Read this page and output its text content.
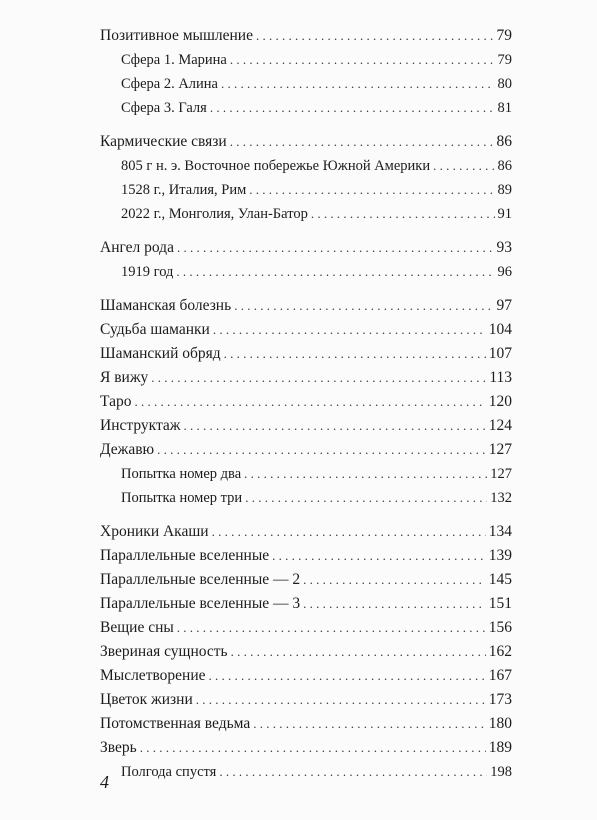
Позитивное мышление . . .	79
Сфера 1. Марина . . .	79
Сфера 2. Алина . . .	80
Сфера 3. Галя . . .	81
Кармические связи . . .	86
805 г н. э. Восточное побережье Южной Америки . . .	86
1528 г., Италия, Рим . . .	89
2022 г., Монголия, Улан-Батор . . .	91
Ангел рода . . .	93
1919 год . . .	96
Шаманская болезнь . . .	97
Судьба шаманки . . .	104
Шаманский обряд . . .	107
Я вижу . . .	113
Таро . . .	120
Инструктаж . . .	124
Дежавю . . .	127
Попытка номер два . . .	127
Попытка номер три . . .	132
Хроники Акаши . . .	134
Параллельные вселенные . . .	139
Параллельные вселенные — 2 . . .	145
Параллельные вселенные — 3 . . .	151
Вещие сны . . .	156
Звериная сущность . . .	162
Мыслетворение . . .	167
Цветок жизни . . .	173
Потомственная ведьма . . .	180
Зверь . . .	189
Полгода спустя . . .	198
4
